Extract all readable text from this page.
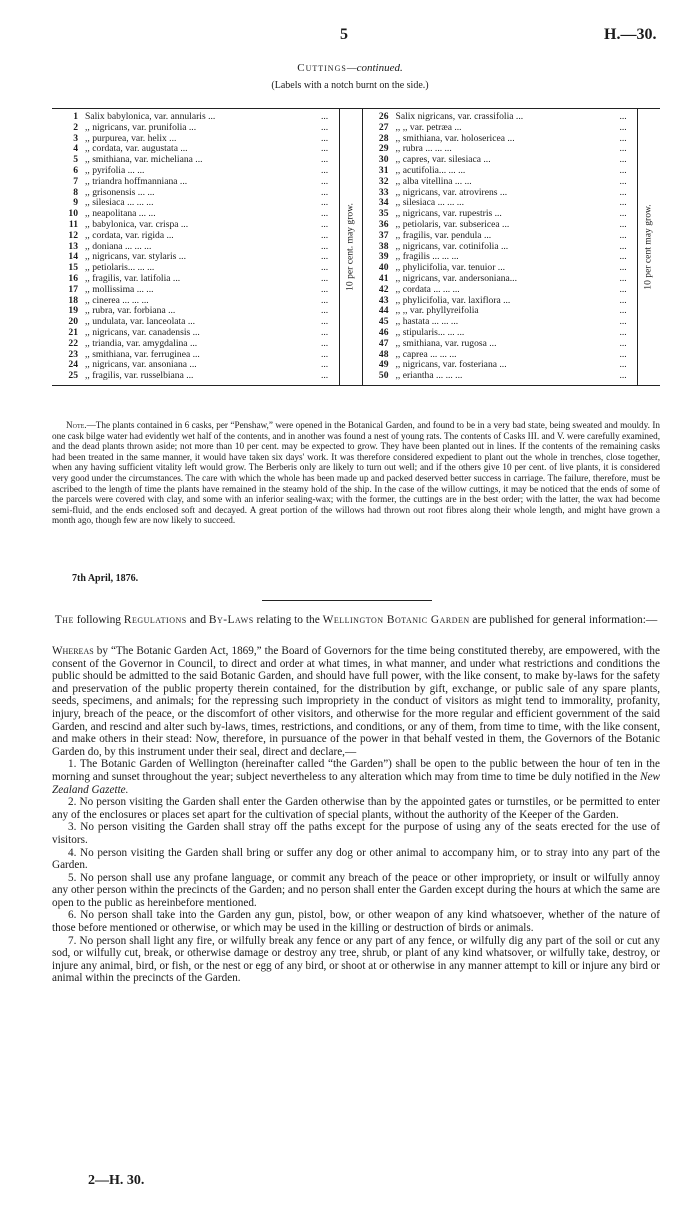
5	H.—30.
Cuttings—continued.
(Labels with a notch burnt on the side.)
1	Salix babylonica, var. annularis ...	...	10 per cent. may grow.	26	Salix nigricans, var. crassifolia ...	...	10 per cent may grow.

2	,, nigricans, var. prunifolia ...	...		27	,, ,, var. petræa ...	...	
3	,, purpurea, var. helix ...	...		28	,, smithiana, var. holosericea ...	...	
4	,, cordata, var. augustata ...	...		29	,, rubra ... ... ...	...	
5	,, smithiana, var. micheliana ...	...		30	,, capres, var. silesiaca ...	...	
6	,, pyrifolia ... ...	...		31	,, acutifolia... ... ...	...	
7	,, triandra hoffmanniana ...	...		32	,, alba vitellina ... ...	...	
8	,, grisonensis ... ...	...		33	,, nigricans, var. atrovirens ...	...	
9	,, silesiaca ... ... ...	...		34	,, silesiaca ... ... ...	...	
10	,, neapolitana ... ...	...		35	,, nigricans, var. rupestris ...	...	
11	,, babylonica, var. crispa ...	...		36	,, petiolaris, var. subsericea ...	...	
12	,, cordata, var. rigida ...	...		37	,, fragilis, var. pendula ...	...	
13	,, doniana ... ... ...	...		38	,, nigricans, var. cotinifolia ...	...	
14	,, nigricans, var. stylaris ...	...		39	,, fragilis ... ... ...	...	
15	,, petiolaris... ... ...	...		40	,, phylicifolia, var. tenuior ...	...	
16	,, fragilis, var. latifolia ...	...		41	,, nigricans, var. andersoniana...	...	
17	,, mollissima ... ...	...		42	,, cordata ... ... ...	...	
18	,, cinerea ... ... ...	...		43	,, phylicifolia, var. laxiflora ...	...	
19	,, rubra, var. forbiana ...	...		44	,, ,, var. phyllyreifolia	...	
20	,, undulata, var. lanceolata ...	...		45	,, hastata ... ... ...	...	
21	,, nigricans, var. canadensis ...	...		46	,, stipularis... ... ...	...	
22	,, triandia, var. amygdalina ...	...		47	,, smithiana, var. rugosa ...	...	
23	,, smithiana, var. ferruginea ...	...		48	,, caprea ... ... ...	...	
24	,, nigricans, var. ansoniana ...	...		49	,, nigricans, var. fosteriana ...	...	
25	,, fragilis, var. russelbiana ...	...		50	,, eriantha ... ... ...	...	
Note.—The plants contained in 6 casks, per “Penshaw,” were opened in the Botanical Garden, and found to be in a very bad state, being sweated and mouldy. In one cask bilge water had evidently wet half of the contents, and in another was found a nest of young rats. The contents of Casks III. and V. were carefully examined, and the dead plants thrown aside; not more than 10 per cent. may be expected to grow. They have been planted out in lines. If the contents of the remaining casks had been treated in the same manner, it would have taken six days' work. It was therefore considered expedient to plant out the whole in trenches, close together, when any having sufficient vitality left would grow. The Berberis only are likely to turn out well; and if the others give 10 per cent. of live plants, it is considered very good under the circumstances. The care with which the whole has been made up and packed deserved better success in carriage. The failure, therefore, must be ascribed to the length of time the plants have remained in the steamy hold of the ship. In the case of the willow cuttings, it may be noticed that the ends of some of the parcels were covered with clay, and some with an inferior sealing-wax; with the former, the cuttings are in the best order; with the latter, the wax had become semi-fluid, and the ends enclosed soft and decayed. A great portion of the willows had thrown out root fibres along their whole length, and might have grown a month ago, though few are now likely to succeed.
7th April, 1876.
The following Regulations and By-Laws relating to the Wellington Botanic Garden are published for general information:—

Whereas by “The Botanic Garden Act, 1869,” the Board of Governors for the time being constituted thereby, are empowered, with the consent of the Governor in Council, to direct and order at what times, in what manner, and under what restrictions and conditions the public should be admitted to the said Botanic Garden, and should have full power, with the like consent, to make by-laws for the safety and preservation of the public property therein contained, for the distribution by gift, exchange, or public sale of any spare plants, seeds, specimens, and animals; for the repressing such impropriety in the conduct of visitors as might tend to immorality, profanity, injury, breach of the peace, or the discomfort of other visitors, and otherwise for the more regular and efficient government of the said Garden, and rescind and alter such by-laws, times, restrictions, and conditions, or any of them, from time to time, with the like consent, and make others in their stead: Now, therefore, in pursuance of the power in that behalf vested in them, the Governors of the Botanic Garden do, by this instrument under their seal, direct and declare,—

1. The Botanic Garden of Wellington (hereinafter called “the Garden”) shall be open to the public between the hour of ten in the morning and sunset throughout the year; subject nevertheless to any alteration which may from time to time be duly notified in the New Zealand Gazette.

2. No person visiting the Garden shall enter the Garden otherwise than by the appointed gates or turnstiles, or be permitted to enter any of the enclosures or places set apart for the cultivation of special plants, without the authority of the Keeper of the Garden.

3. No person visiting the Garden shall stray off the paths except for the purpose of using any of the seats erected for the use of visitors.

4. No person visiting the Garden shall bring or suffer any dog or other animal to accompany him, or to stray into any part of the Garden.

5. No person shall use any profane language, or commit any breach of the peace or other impropriety, or insult or wilfully annoy any other person within the precincts of the Garden; and no person shall enter the Garden except during the hours at which the same are open to the public as hereinbefore mentioned.

6. No person shall take into the Garden any gun, pistol, bow, or other weapon of any kind whatsoever, whether of the nature of those before mentioned or otherwise, or which may be used in the killing or destruction of birds or animals.

7. No person shall light any fire, or wilfully break any fence or any part of any fence, or wilfully dig any part of the soil or cut any sod, or wilfully cut, break, or otherwise damage or destroy any tree, shrub, or plant of any kind whatsover, or wilfully take, destroy, or injure any animal, bird, or fish, or the nest or egg of any bird, or shoot at or otherwise in any manner attempt to kill or injure any bird or animal within the precincts of the Garden.

2—H. 30.
